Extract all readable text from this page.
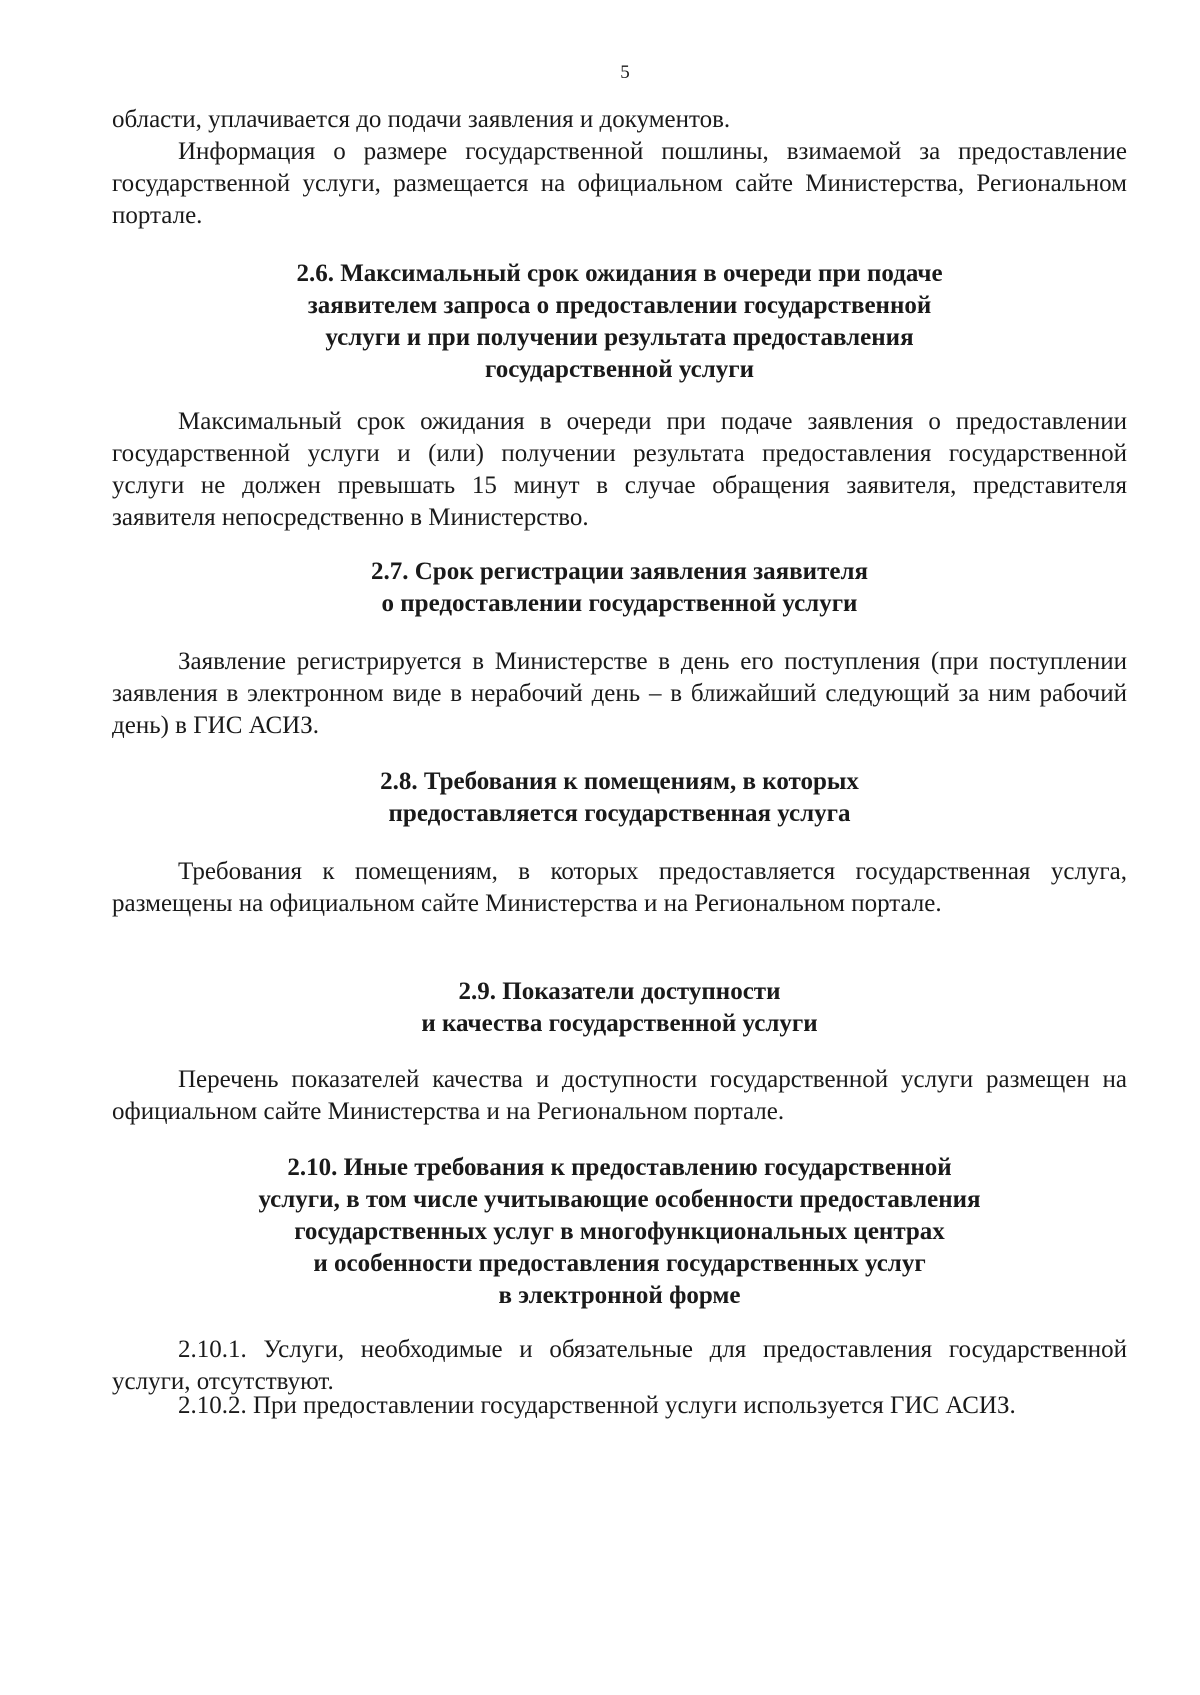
5

области, уплачивается до подачи заявления и документов.

Информация о размере государственной пошлины, взимаемой за предоставление государственной услуги, размещается на официальном сайте Министерства, Региональном портале.

2.6. Максимальный срок ожидания в очереди при подаче
заявителем запроса о предоставлении государственной
услуги и при получении результата предоставления
государственной услуги

Максимальный срок ожидания в очереди при подаче заявления о предоставлении государственной услуги и (или) получении результата предоставления государственной услуги не должен превышать 15 минут в случае обращения заявителя, представителя заявителя непосредственно в Министерство.

2.7. Срок регистрации заявления заявителя
о предоставлении государственной услуги

Заявление регистрируется в Министерстве в день его поступления (при поступлении заявления в электронном виде в нерабочий день – в ближайший следующий за ним рабочий день) в ГИС АСИЗ.

2.8. Требования к помещениям, в которых
предоставляется государственная услуга

Требования к помещениям, в которых предоставляется государственная услуга, размещены на официальном сайте Министерства и на Региональном портале.

2.9. Показатели доступности
и качества государственной услуги

Перечень показателей качества и доступности государственной услуги размещен на официальном сайте Министерства и на Региональном портале.

2.10. Иные требования к предоставлению государственной
услуги, в том числе учитывающие особенности предоставления
государственных услуг в многофункциональных центрах
и особенности предоставления государственных услуг
в электронной форме

2.10.1. Услуги, необходимые и обязательные для предоставления государственной услуги, отсутствуют.

2.10.2. При предоставлении государственной услуги используется ГИС АСИЗ.
